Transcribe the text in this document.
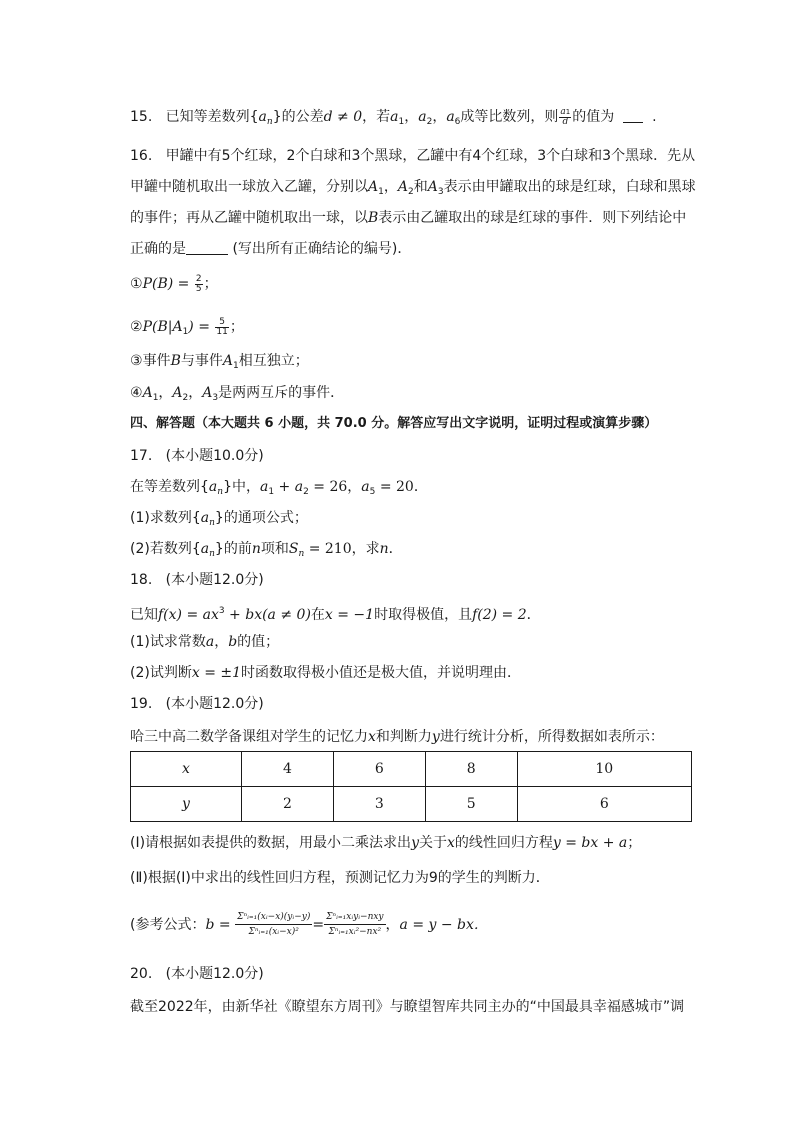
15. 已知等差数列$\{a_n\}$的公差d ≠ 0，若$a_1$，$a_2$，$a_6$成等比数列，则 $\frac{a1}{d}$ 的值为	.
16. 甲罐中有5个红球，2个白球和3个黑球，乙罐中有4个红球，3个白球和3个黑球．先从
甲罐中随机取出一球放入乙罐，分别以$A_1$，$A_2$和$A_3$表示由甲罐取出的球是红球，白球和黑球
的事件；再从乙罐中随机取出一球，以B表示由乙罐取出的球是红球的事件．则下列结论中
正确的是	(写出所有正确结论的编号)．
①P(B) = $\frac{2}{5}$ ；
$②P(B|A_1) = \frac{5}{11}$ ；
③事件B与事件$A_1$相互独立；
$④A_1$，$A_2$，$A_3$是两两互斥的事件．
四、解答题（本大题共 6 小题，共 70.0 分。解答应写出文字说明，证明过程或演算步骤）
17. (本小题10.0分)
在等差数列$\{a_n\}$中，$a_1 + a_2 = 26$，$a_5 = 20$．
(1)求数列$\{a_n\}$的通项公式；
(2)若数列$\{a_n\}$的前n项和$S_n = 210$，求n．
18. (本小题12.0分)
已知$f(x) = ax^3 + bx(a \ne 0)$在x = −1时取得极值，且f(2) = 2．
(1)试求常数a，b的值；
(2)试判断x = ±1时函数取得极小值还是极大值，并说明理由．
19. (本小题12.0分)
哈三中高二数学备课组对学生的记忆力x和判断力y进行统计分析，所得数据如表所示：
x	4	6	8	10
y	2	3	5	6
(Ⅰ)请根据如表提供的数据，用最小二乘法求出y关于x的线性回归方程y = bx + a；
(Ⅱ)根据(Ⅰ)中求出的线性回归方程，预测记忆力为9的学生的判断力．
(参考公式：$b = \frac{\text{Σⁿᵢ₌₁(xᵢ−x)(yᵢ−y)}}{\text{Σⁿᵢ₌₁(xᵢ−x)²}} = \frac{\text{Σⁿᵢ₌₁xᵢyᵢ−nxy}}{\text{Σⁿᵢ₌₁xᵢ²−nx²}}$ ，a = y − bx．
20. (本小题12.0分)
截至2022年，由新华社《瞭望东方周刊》与瞭望智库共同主办的“中国最具幸福感城市”调
